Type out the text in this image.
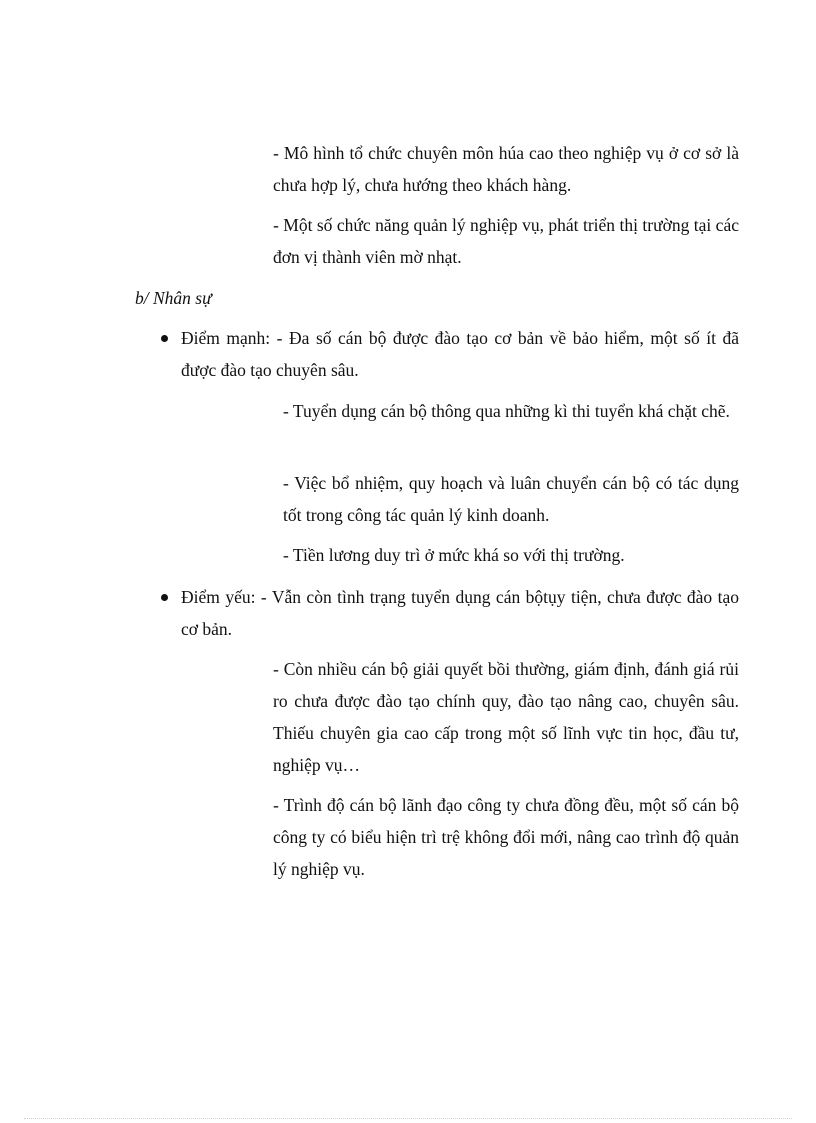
- Mô hình tổ chức chuyên môn húa cao theo nghiệp vụ ở cơ sở là chưa hợp lý, chưa hướng theo khách hàng.
- Một số chức năng quản lý nghiệp vụ, phát triển thị trường tại các đơn vị thành viên mờ nhạt.
b/ Nhân sự
Điểm mạnh: - Đa số cán bộ được đào tạo cơ bản về bảo hiểm, một số ít đã được đào tạo chuyên sâu.
- Tuyển dụng cán bộ thông qua những kì thi tuyển khá chặt chẽ.
- Việc bổ nhiệm, quy hoạch và luân chuyển cán bộ có tác dụng tốt trong công tác quản lý kinh doanh.
- Tiền lương duy trì ở mức khá so với thị trường.
Điểm yếu: - Vẫn còn tình trạng tuyển dụng cán bộtụy tiện, chưa được đào tạo cơ bản.
- Còn nhiều cán bộ giải quyết bồi thường, giám định, đánh giá rủi ro chưa được đào tạo chính quy, đào tạo nâng cao, chuyên sâu. Thiếu chuyên gia cao cấp trong một số lĩnh vực tin học, đầu tư, nghiệp vụ…
- Trình độ cán bộ lãnh đạo công ty chưa đồng đều, một số cán bộ công ty có biểu hiện trì trệ không đổi mới, nâng cao trình độ quản lý nghiệp vụ.
